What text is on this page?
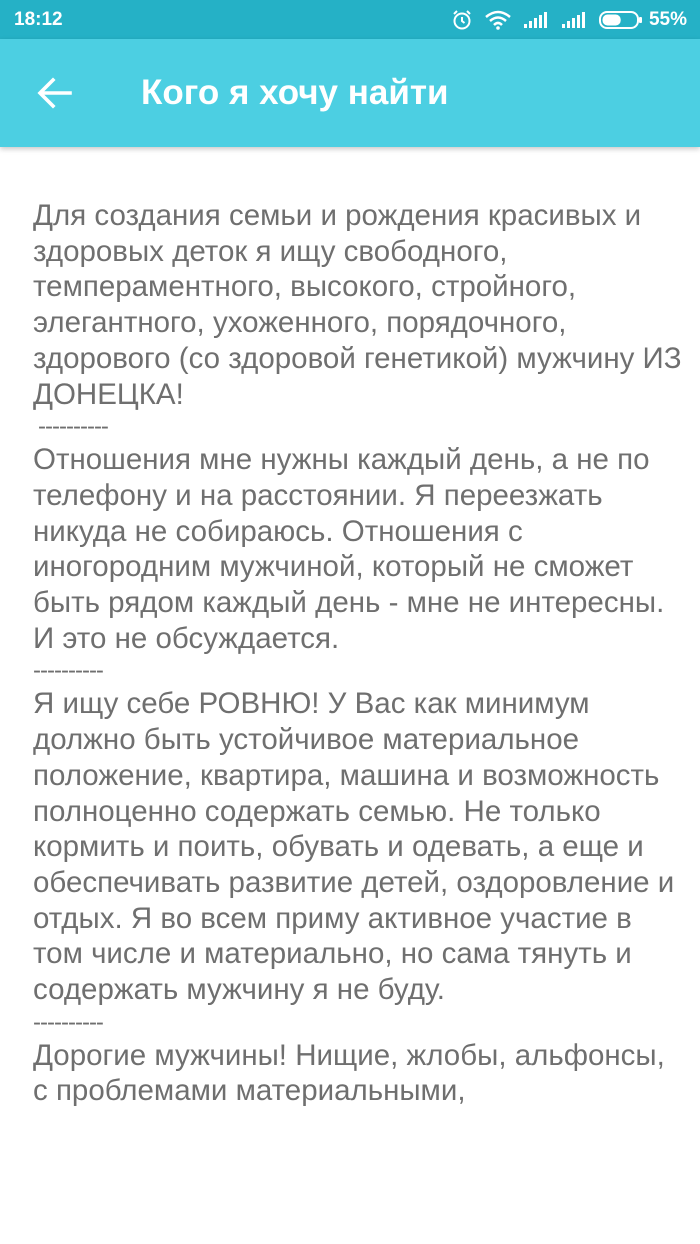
18:12	55%
Кого я хочу найти
Для создания семьи и рождения красивых и здоровых деток я ищу свободного, темпераментного, высокого, стройного, элегантного, ухоженного, порядочного, здорового (со здоровой генетикой) мужчину ИЗ ДОНЕЦКА!
----------
Отношения мне нужны каждый день, а не по телефону и на расстоянии. Я переезжать никуда не собираюсь. Отношения с иногородним мужчиной, который не сможет быть рядом каждый день - мне не интересны. И это не обсуждается.
----------
Я ищу себе РОВНЮ! У Вас как минимум должно быть устойчивое материальное положение, квартира, машина и возможность полноценно содержать семью. Не только кормить и поить, обувать и одевать, а еще и обеспечивать развитие детей, оздоровление и отдых. Я во всем приму активное участие в том числе и материально, но сама тянуть и содержать мужчину я не буду.
----------
Дорогие мужчины! Нищие, жлобы, альфонсы, с проблемами материальными,
